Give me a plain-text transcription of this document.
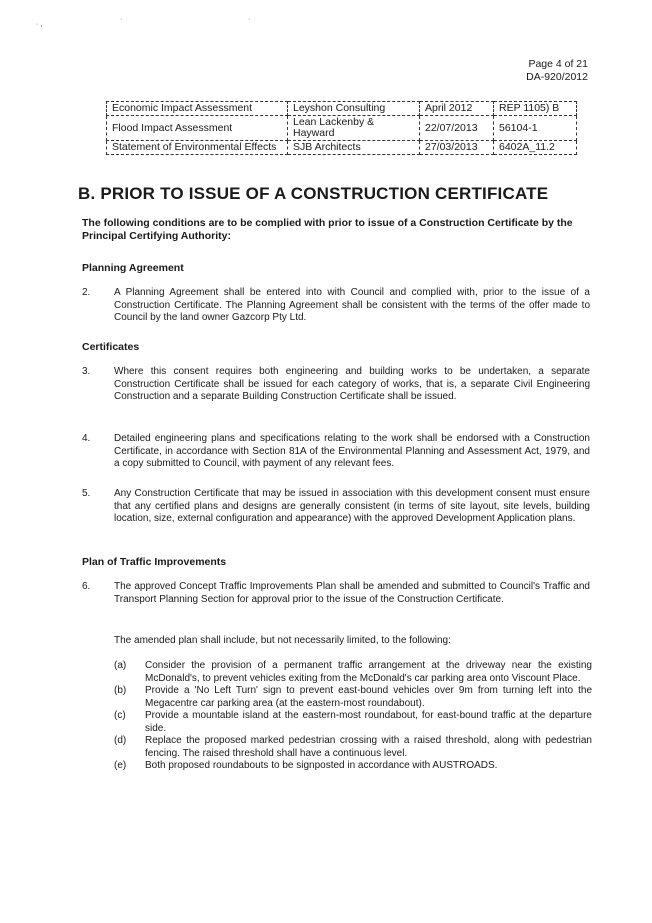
· ,
·	·
Page 4 of 21
DA-920/2012
Economic Impact Assessment	Leyshon Consulting	April 2012	REP 1105) B
Flood Impact Assessment	Lean Lackenby & Hayward	22/07/2013	56104-1
Statement of Environmental Effects	SJB Architects	27/03/2013	6402A_11.2
B. PRIOR TO ISSUE OF A CONSTRUCTION CERTIFICATE
The following conditions are to be complied with prior to issue of a Construction Certificate by the Principal Certifying Authority:
Planning Agreement
2. A Planning Agreement shall be entered into with Council and complied with, prior to the issue of a Construction Certificate. The Planning Agreement shall be consistent with the terms of the offer made to Council by the land owner Gazcorp Pty Ltd.
Certificates
3. Where this consent requires both engineering and building works to be undertaken, a separate Construction Certificate shall be issued for each category of works, that is, a separate Civil Engineering Construction and a separate Building Construction Certificate shall be issued.
4. Detailed engineering plans and specifications relating to the work shall be endorsed with a Construction Certificate, in accordance with Section 81A of the Environmental Planning and Assessment Act, 1979, and a copy submitted to Council, with payment of any relevant fees.
5. Any Construction Certificate that may be issued in association with this development consent must ensure that any certified plans and designs are generally consistent (in terms of site layout, site levels, building location, size, external configuration and appearance) with the approved Development Application plans.
Plan of Traffic Improvements
6. The approved Concept Traffic Improvements Plan shall be amended and submitted to Council's Traffic and Transport Planning Section for approval prior to the issue of the Construction Certificate.
The amended plan shall include, but not necessarily limited, to the following:
(a) Consider the provision of a permanent traffic arrangement at the driveway near the existing McDonald's, to prevent vehicles exiting from the McDonald's car parking area onto Viscount Place.
(b) Provide a 'No Left Turn' sign to prevent east-bound vehicles over 9m from turning left into the Megacentre car parking area (at the eastern-most roundabout).
(c) Provide a mountable island at the eastern-most roundabout, for east-bound traffic at the departure side.
(d) Replace the proposed marked pedestrian crossing with a raised threshold, along with pedestrian fencing. The raised threshold shall have a continuous level.
(e) Both proposed roundabouts to be signposted in accordance with AUSTROADS.
